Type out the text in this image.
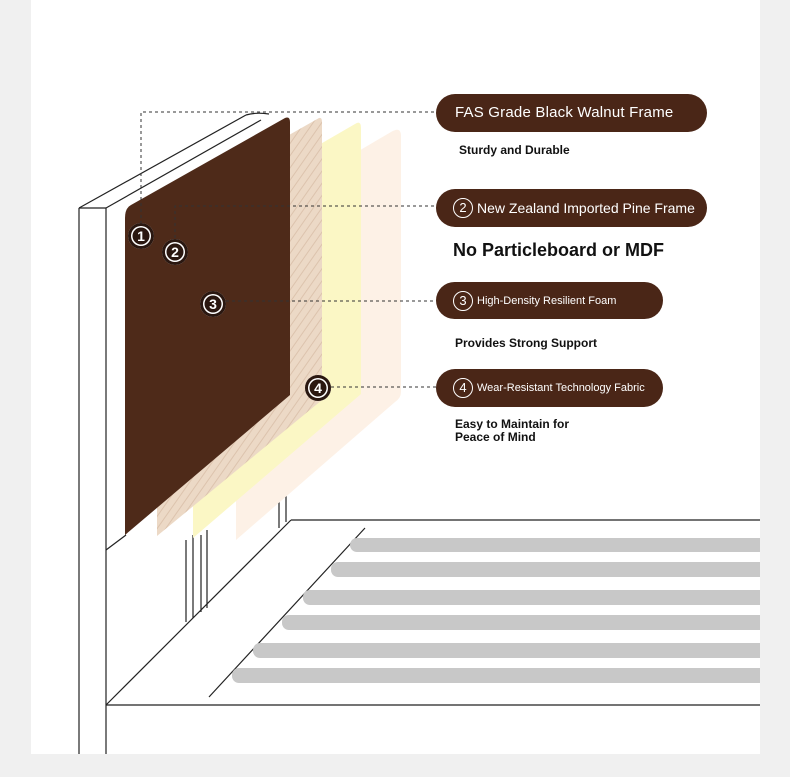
1
2
3
4
FAS Grade Black Walnut Frame
Sturdy and Durable
2 New Zealand Imported Pine Frame
No Particleboard or MDF
3 High-Density Resilient Foam
Provides Strong Support
4 Wear-Resistant Technology Fabric
Easy to Maintain for Peace of Mind
